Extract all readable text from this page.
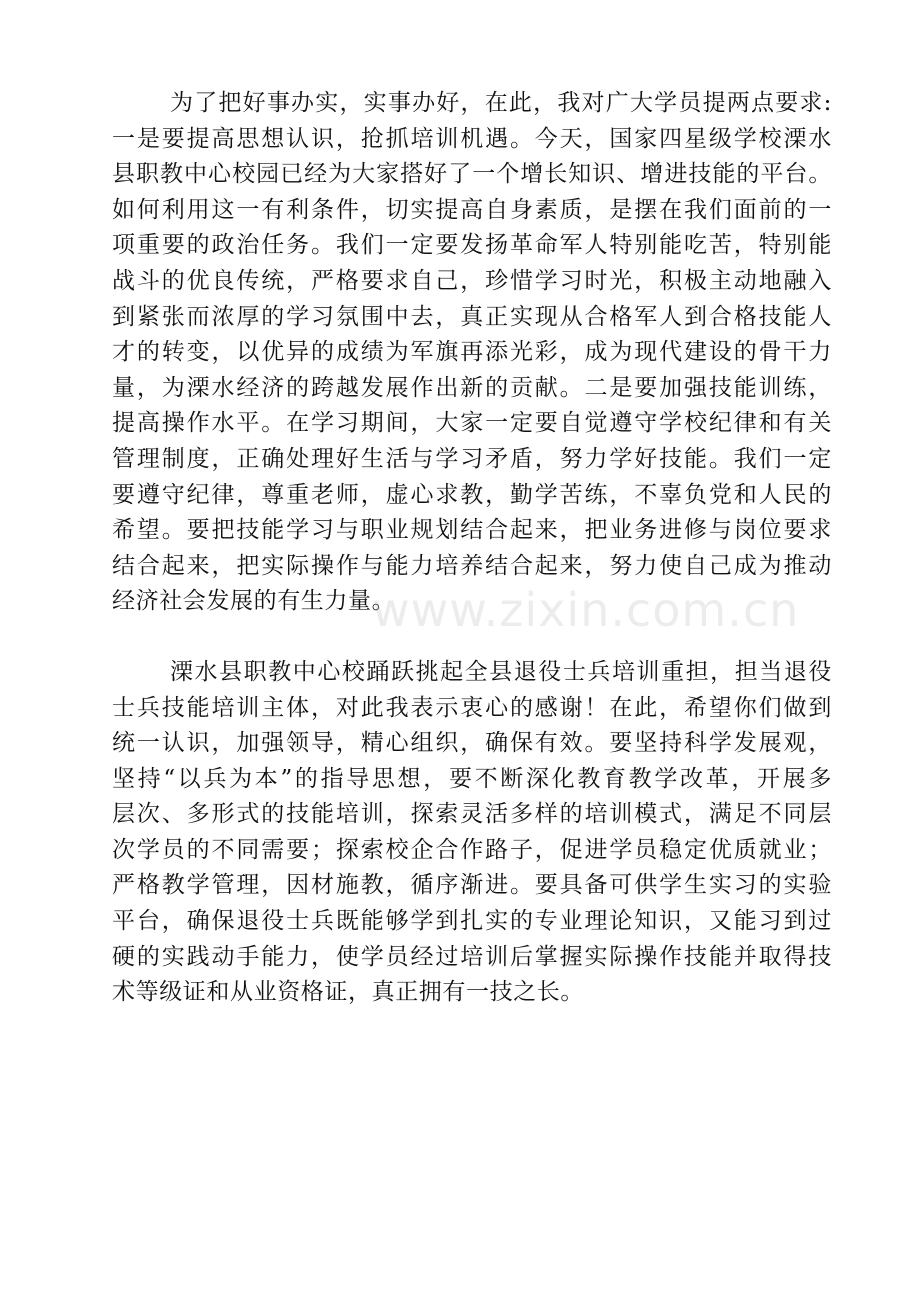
为了把好事办实，实事办好，在此，我对广大学员提两点要求:
一是要提高思想认识，抢抓培训机遇。今天，国家四星级学校溧水
县职教中心校园已经为大家搭好了一个增长知识、增进技能的平台。
如何利用这一有利条件，切实提高自身素质，是摆在我们面前的一
项重要的政治任务。我们一定要发扬革命军人特别能吃苦，特别能
战斗的优良传统，严格要求自己，珍惜学习时光，积极主动地融入
到紧张而浓厚的学习氛围中去，真正实现从合格军人到合格技能人
才的转变，以优异的成绩为军旗再添光彩，成为现代建设的骨干力
量，为溧水经济的跨越发展作出新的贡献。二是要加强技能训练，
提高操作水平。在学习期间，大家一定要自觉遵守学校纪律和有关
管理制度，正确处理好生活与学习矛盾，努力学好技能。我们一定
要遵守纪律，尊重老师，虚心求教，勤学苦练，不辜负党和人民的
希望。要把技能学习与职业规划结合起来，把业务进修与岗位要求
结合起来，把实际操作与能力培养结合起来，努力使自己成为推动
经济社会发展的有生力量。
溧水县职教中心校踊跃挑起全县退役士兵培训重担，担当退役
士兵技能培训主体，对此我表示衷心的感谢！在此，希望你们做到
统一认识，加强领导，精心组织，确保有效。要坚持科学发展观，
坚持“以兵为本”的指导思想，要不断深化教育教学改革，开展多
层次、多形式的技能培训，探索灵活多样的培训模式，满足不同层
次学员的不同需要；探索校企合作路子，促进学员稳定优质就业；
严格教学管理，因材施教，循序渐进。要具备可供学生实习的实验
平台，确保退役士兵既能够学到扎实的专业理论知识，又能习到过
硬的实践动手能力，使学员经过培训后掌握实际操作技能并取得技
术等级证和从业资格证，真正拥有一技之长。
www.zixin.com.cn
